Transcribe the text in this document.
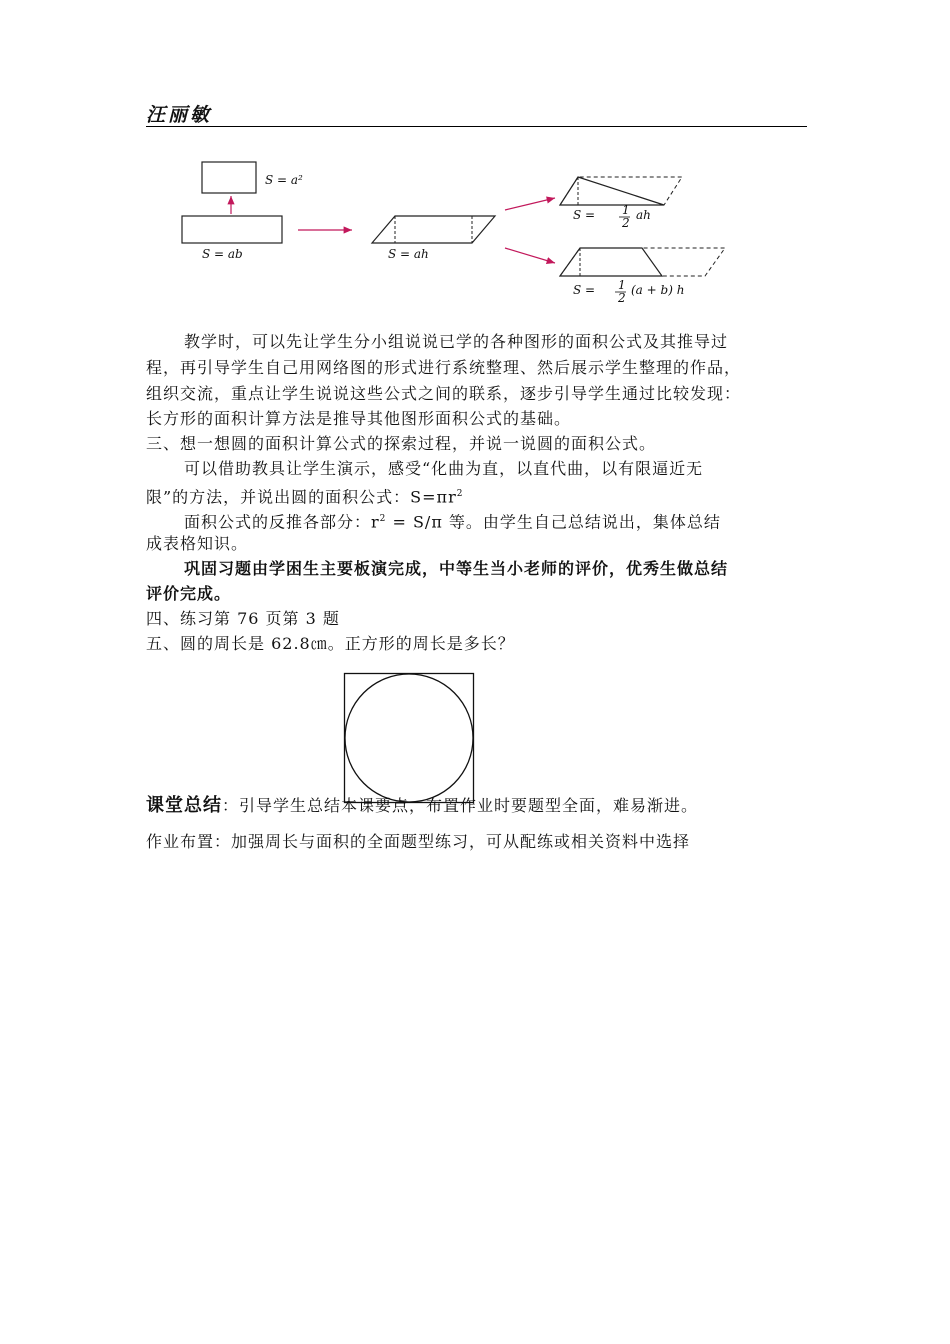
汪丽敏
S = a²
S = ab	S = ah
S = 1
2
ah
S = 1
2
(a + b) h
教学时，可以先让学生分小组说说已学的各种图形的面积公式及其推导过
程，再引导学生自己用网络图的形式进行系统整理、然后展示学生整理的作品，
组织交流，重点让学生说说这些公式之间的联系，逐步引导学生通过比较发现：
长方形的面积计算方法是推导其他图形面积公式的基础。
三、想一想圆的面积计算公式的探索过程，并说一说圆的面积公式。
可以借助教具让学生演示，感受“化曲为直，以直代曲，以有限逼近无
限”的方法，并说出圆的面积公式：$S=\pi r^2$
面积公式的反推各部分：$r^2 = S/\pi$ 等。由学生自己总结说出，集体总结
成表格知识。
巩固习题由学困生主要板演完成，中等生当小老师的评价，优秀生做总结
评价完成。
四、练习第 76 页第 3 题
五、圆的周长是 62.8㎝。正方形的周长是多长？
课堂总结：引导学生总结本课要点，布置作业时要题型全面，难易渐进。
作业布置：加强周长与面积的全面题型练习，可从配练或相关资料中选择
